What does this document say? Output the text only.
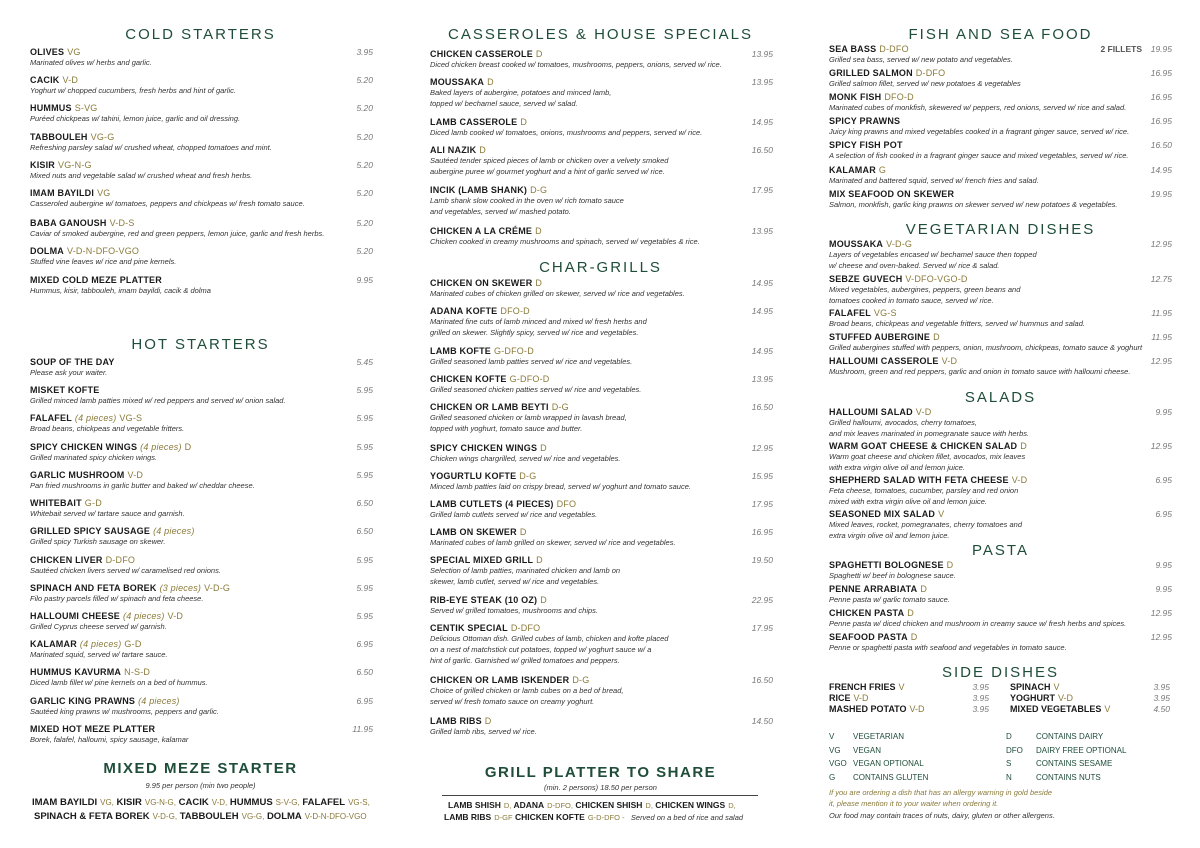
COLD STARTERS
OLIVES VG	3.95
Marinated olives w/ herbs and garlic.
CACIK V-D	5.20
Yoghurt w/ chopped cucumbers, fresh herbs and hint of garlic.
HUMMUS S-VG	5.20
Puréed chickpeas w/ tahini, lemon juice, garlic and oil dressing.
TABBOULEH VG-G	5.20
Refreshing parsley salad w/ crushed wheat, chopped tomatoes and mint.
KISIR VG-N-G	5.20
Mixed nuts and vegetable salad w/ crushed wheat and fresh herbs.
IMAM BAYILDI VG	5.20
Casseroled aubergine w/ tomatoes, peppers and chickpeas w/ fresh tomato sauce.
BABA GANOUSH V-D-S	5.20
Caviar of smoked aubergine, red and green peppers, lemon juice, garlic and fresh herbs.
DOLMA V-D-N-DFO-VGO	5.20
Stuffed vine leaves w/ rice and pine kernels.
MIXED COLD MEZE PLATTER	9.95
Hummus, kisir, tabbouleh, imam bayildi, cacik & dolma
HOT STARTERS
SOUP OF THE DAY	5.45
Please ask your waiter.
MISKET KOFTE	5.95
Grilled minced lamb patties mixed w/ red peppers and served w/ onion salad.
FALAFEL (4 pieces) VG-S	5.95
Broad beans, chickpeas and vegetable fritters.
SPICY CHICKEN WINGS (4 pieces) D	5.95
Grilled marinated spicy chicken wings.
GARLIC MUSHROOM V-D	5.95
Pan fried mushrooms in garlic butter and baked w/ cheddar cheese.
WHITEBAIT G-D	6.50
Whitebait served w/ tartare sauce and garnish.
GRILLED SPICY SAUSAGE (4 pieces)	6.50
Grilled spicy Turkish sausage on skewer.
CHICKEN LIVER D-DFO	5.95
Sautéed chicken livers served w/ caramelised red onions.
SPINACH AND FETA BOREK (3 pieces) V-D-G	5.95
Filo pastry parcels filled w/ spinach and feta cheese.
HALLOUMI CHEESE (4 pieces) V-D	5.95
Grilled Cyprus cheese served w/ garnish.
KALAMAR (4 pieces) G-D	6.95
Marinated squid, served w/ tartare sauce.
HUMMUS KAVURMA N-S-D	6.50
Diced lamb fillet w/ pine kernels on a bed of hummus.
GARLIC KING PRAWNS (4 pieces)	6.95
Sautéed king prawns w/ mushrooms, peppers and garlic.
MIXED HOT MEZE PLATTER	11.95
Borek, falafel, halloumi, spicy sausage, kalamar
MIXED MEZE STARTER
9.95 per person (min two people)
IMAM BAYILDI VG, KISIR VG-N-G, CACIK V-D, HUMMUS S-V-G, FALAFEL VG-S,
SPINACH & FETA BOREK V-D-G, TABBOULEH VG-G, DOLMA V-D-N-DFO-VGO
CASSEROLES & HOUSE SPECIALS
CHICKEN CASSEROLE D	13.95
Diced chicken breast cooked w/ tomatoes, mushrooms, peppers, onions, served w/ rice.
MOUSSAKA D	13.95
Baked layers of aubergine, potatoes and minced lamb,
topped w/ bechamel sauce, served w/ salad.
LAMB CASSEROLE D	14.95
Diced lamb cooked w/ tomatoes, onions, mushrooms and peppers, served w/ rice.
ALI NAZIK D	16.50
Sautéed tender spiced pieces of lamb or chicken over a velvety smoked
aubergine puree w/ gourmet yoghurt and a hint of garlic served w/ rice.
INCIK (LAMB SHANK) D-G	17.95
Lamb shank slow cooked in the oven w/ rich tomato sauce
and vegetables, served w/ mashed potato.
CHICKEN A LA CRÉME D	13.95
Chicken cooked in creamy mushrooms and spinach, served w/ vegetables & rice.
CHAR-GRILLS
CHICKEN ON SKEWER D	14.95
Marinated cubes of chicken grilled on skewer, served w/ rice and vegetables.
ADANA KOFTE DFO-D	14.95
Marinated fine cuts of lamb minced and mixed w/ fresh herbs and
grilled on skewer. Slightly spicy, served w/ rice and vegetables.
LAMB KOFTE G-DFO-D	14.95
Grilled seasoned lamb patties served w/ rice and vegetables.
CHICKEN KOFTE G-DFO-D	13.95
Grilled seasoned chicken patties served w/ rice and vegetables.
CHICKEN OR LAMB BEYTI D-G	16.50
Grilled seasoned chicken or lamb wrapped in lavash bread,
topped with yoghurt, tomato sauce and butter.
SPICY CHICKEN WINGS D	12.95
Chicken wings chargrilled, served w/ rice and vegetables.
YOGURTLU KOFTE D-G	15.95
Minced lamb patties laid on crispy bread, served w/ yoghurt and tomato sauce.
LAMB CUTLETS (4 PIECES) DFO	17.95
Grilled lamb cutlets served w/ rice and vegetables.
LAMB ON SKEWER D	16.95
Marinated cubes of lamb grilled on skewer, served w/ rice and vegetables.
SPECIAL MIXED GRILL D	19.50
Selection of lamb patties, marinated chicken and lamb on
skewer, lamb cutlet, served w/ rice and vegetables.
RIB-EYE STEAK (10 OZ) D	22.95
Served w/ grilled tomatoes, mushrooms and chips.
CENTIK SPECIAL D-DFO	17.95
Delicious Ottoman dish. Grilled cubes of lamb, chicken and kofte placed
on a nest of matchstick cut potatoes, topped w/ yoghurt sauce w/ a
hint of garlic. Garnished w/ grilled tomatoes and peppers.
CHICKEN OR LAMB ISKENDER D-G	16.50
Choice of grilled chicken or lamb cubes on a bed of bread,
served w/ fresh tomato sauce on creamy yoghurt.
LAMB RIBS D	14.50
Grilled lamb ribs, served w/ rice.
GRILL PLATTER TO SHARE
(min. 2 persons) 18.50 per person
LAMB SHISH D, ADANA D-DFO, CHICKEN SHISH D, CHICKEN WINGS D,
LAMB RIBS D-GF CHICKEN KOFTE G-D-DFO - Served on a bed of rice and salad
FISH AND SEA FOOD
SEA BASS D-DFO	19.95
2 FILLETS
Grilled sea bass, served w/ new potato and vegetables.
GRILLED SALMON D-DFO	16.95
Grilled salmon fillet, served w/ new potatoes & vegetables
MONK FISH DFO-D	16.95
Marinated cubes of monkfish, skewered w/ peppers, red onions, served w/ rice and salad.
SPICY PRAWNS	16.95
Juicy king prawns and mixed vegetables cooked in a fragrant ginger sauce, served w/ rice.
SPICY FISH POT	16.50
A selection of fish cooked in a fragrant ginger sauce and mixed vegetables, served w/ rice.
KALAMAR G	14.95
Marinated and battered squid, served w/ french fries and salad.
MIX SEAFOOD ON SKEWER	19.95
Salmon, monkfish, garlic king prawns on skewer served w/ new potatoes & vegetables.
VEGETARIAN DISHES
MOUSSAKA V-D-G	12.95
Layers of vegetables encased w/ bechamel sauce then topped
w/ cheese and oven-baked. Served w/ rice & salad.
SEBZE GUVECH V-DFO-VGO-D	12.75
Mixed vegetables, aubergines, peppers, green beans and
tomatoes cooked in tomato sauce, served w/ rice.
FALAFEL VG-S	11.95
Broad beans, chickpeas and vegetable fritters, served w/ hummus and salad.
STUFFED AUBERGINE D	11.95
Grilled aubergines stuffed with peppers, onion, mushroom, chickpeas, tomato sauce & yoghurt
HALLOUMI CASSEROLE V-D	12.95
Mushroom, green and red peppers, garlic and onion in tomato sauce with halloumi cheese.
SALADS
HALLOUMI SALAD V-D	9.95
Grilled halloumi, avocados, cherry tomatoes,
and mix leaves marinated in pomegranate sauce with herbs.
WARM GOAT CHEESE & CHICKEN SALAD D	12.95
Warm goat cheese and chicken fillet, avocados, mix leaves
with extra virgin olive oil and lemon juice.
SHEPHERD SALAD WITH FETA CHEESE V-D	6.95
Feta cheese, tomatoes, cucumber, parsley and red onion
mixed with extra virgin olive oil and lemon juice.
SEASONED MIX SALAD V	6.95
Mixed leaves, rocket, pomegranates, cherry tomatoes and
extra virgin olive oil and lemon juice.
PASTA
SPAGHETTI BOLOGNESE D	9.95
Spaghetti w/ beef in bolognese sauce.
PENNE ARRABIATA D	9.95
Penne pasta w/ garlic tomato sauce.
CHICKEN PASTA D	12.95
Penne pasta w/ diced chicken and mushroom in creamy sauce w/ fresh herbs and spices.
SEAFOOD PASTA D	12.95
Penne or spaghetti pasta with seafood and vegetables in tomato sauce.
SIDE DISHES
FRENCH FRIES V	3.95
RICE V-D	3.95
MASHED POTATO V-D	3.95
SPINACH V	3.95
YOGHURT V-D	3.95
MIXED VEGETABLES V	4.50
V VEGETARIAN
VG VEGAN
VGO VEGAN OPTIONAL
G CONTAINS GLUTEN
D	CONTAINS DAIRY
DFO DAIRY FREE OPTIONAL
S	CONTAINS SESAME
N	CONTAINS NUTS
If you are ordering a dish that has an allergy warning in gold beside
it, please mention it to your waiter when ordering it.
Our food may contain traces of nuts, dairy, gluten or other allergens.
